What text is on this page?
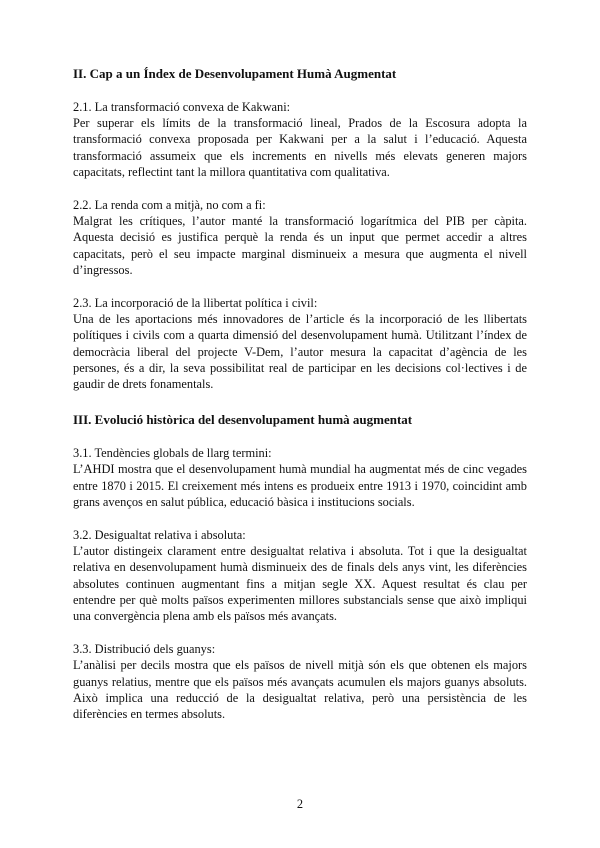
II. Cap a un Índex de Desenvolupament Humà Augmentat

2.1. La transformació convexa de Kakwani:

Per superar els límits de la transformació lineal, Prados de la Escosura adopta la transformació convexa proposada per Kakwani per a la salut i l’educació. Aquesta transformació assumeix que els increments en nivells més elevats generen majors capacitats, reflectint tant la millora quantitativa com qualitativa.

2.2. La renda com a mitjà, no com a fi:

Malgrat les crítiques, l’autor manté la transformació logarítmica del PIB per càpita. Aquesta decisió es justifica perquè la renda és un input que permet accedir a altres capacitats, però el seu impacte marginal disminueix a mesura que augmenta el nivell d’ingressos.

2.3. La incorporació de la llibertat política i civil:

Una de les aportacions més innovadores de l’article és la incorporació de les llibertats polítiques i civils com a quarta dimensió del desenvolupament humà. Utilitzant l’índex de democràcia liberal del projecte V-Dem, l’autor mesura la capacitat d’agència de les persones, és a dir, la seva possibilitat real de participar en les decisions col·lectives i de gaudir de drets fonamentals.

III. Evolució històrica del desenvolupament humà augmentat

3.1. Tendències globals de llarg termini:

L’AHDI mostra que el desenvolupament humà mundial ha augmentat més de cinc vegades entre 1870 i 2015. El creixement més intens es produeix entre 1913 i 1970, coincidint amb grans avenços en salut pública, educació bàsica i institucions socials.

3.2. Desigualtat relativa i absoluta:

L’autor distingeix clarament entre desigualtat relativa i absoluta. Tot i que la desigualtat relativa en desenvolupament humà disminueix des de finals dels anys vint, les diferències absolutes continuen augmentant fins a mitjan segle XX. Aquest resultat és clau per entendre per què molts països experimenten millores substancials sense que això impliqui una convergència plena amb els països més avançats.

3.3. Distribució dels guanys:

L’anàlisi per decils mostra que els països de nivell mitjà són els que obtenen els majors guanys relatius, mentre que els països més avançats acumulen els majors guanys absoluts. Això implica una reducció de la desigualtat relativa, però una persistència de les diferències en termes absoluts.

2
